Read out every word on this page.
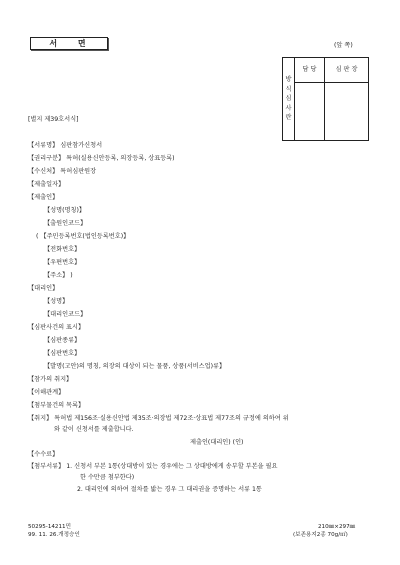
서 면	(앞 쪽)
방
식
심
사
란	담 당	심 판 장

[별지 제39호서식]
【서류명】 심판참가신청서
【권리구분】 특허(실용신안등록, 의장등록, 상표등록)
【수신처】 특허심판원장
【제출일자】
【제출인】
【성명(명칭)】
【출원인코드】
( 【주민등록번호(법인등록번호)】
【전화번호】
【우편번호】
【주소】 )
【대리인】
【성명】
【대리인코드】
【심판사건의 표시】
【심판종류】
【심판번호】
【발명(고안)의 명칭, 의장의 대상이 되는 물품, 상품(서비스업)류】
【참가의 취지】
【이해관계】
【첨부물건의 목록】
【취지】 특허법 제156조·실용신안법 제35조·의장법 제72조·상표법 제77조의 규정에 의하여 위
와 같이 신청서를 제출합니다.
제출인(대리인) (인)
【수수료】
【첨부서류】 1. 신청서 부본 1통(상대방이 있는 경우에는 그 상대방에게 송부할 부본을 필요
한 수만큼 첨부한다)
2. 대리인에 의하여 절차를 밟는 경우 그 대리권을 증명하는 서류 1통
50295-14211민
99. 11. 26.개정승인
210㎜×297㎜
(보존용지2종 70g/㎡)
